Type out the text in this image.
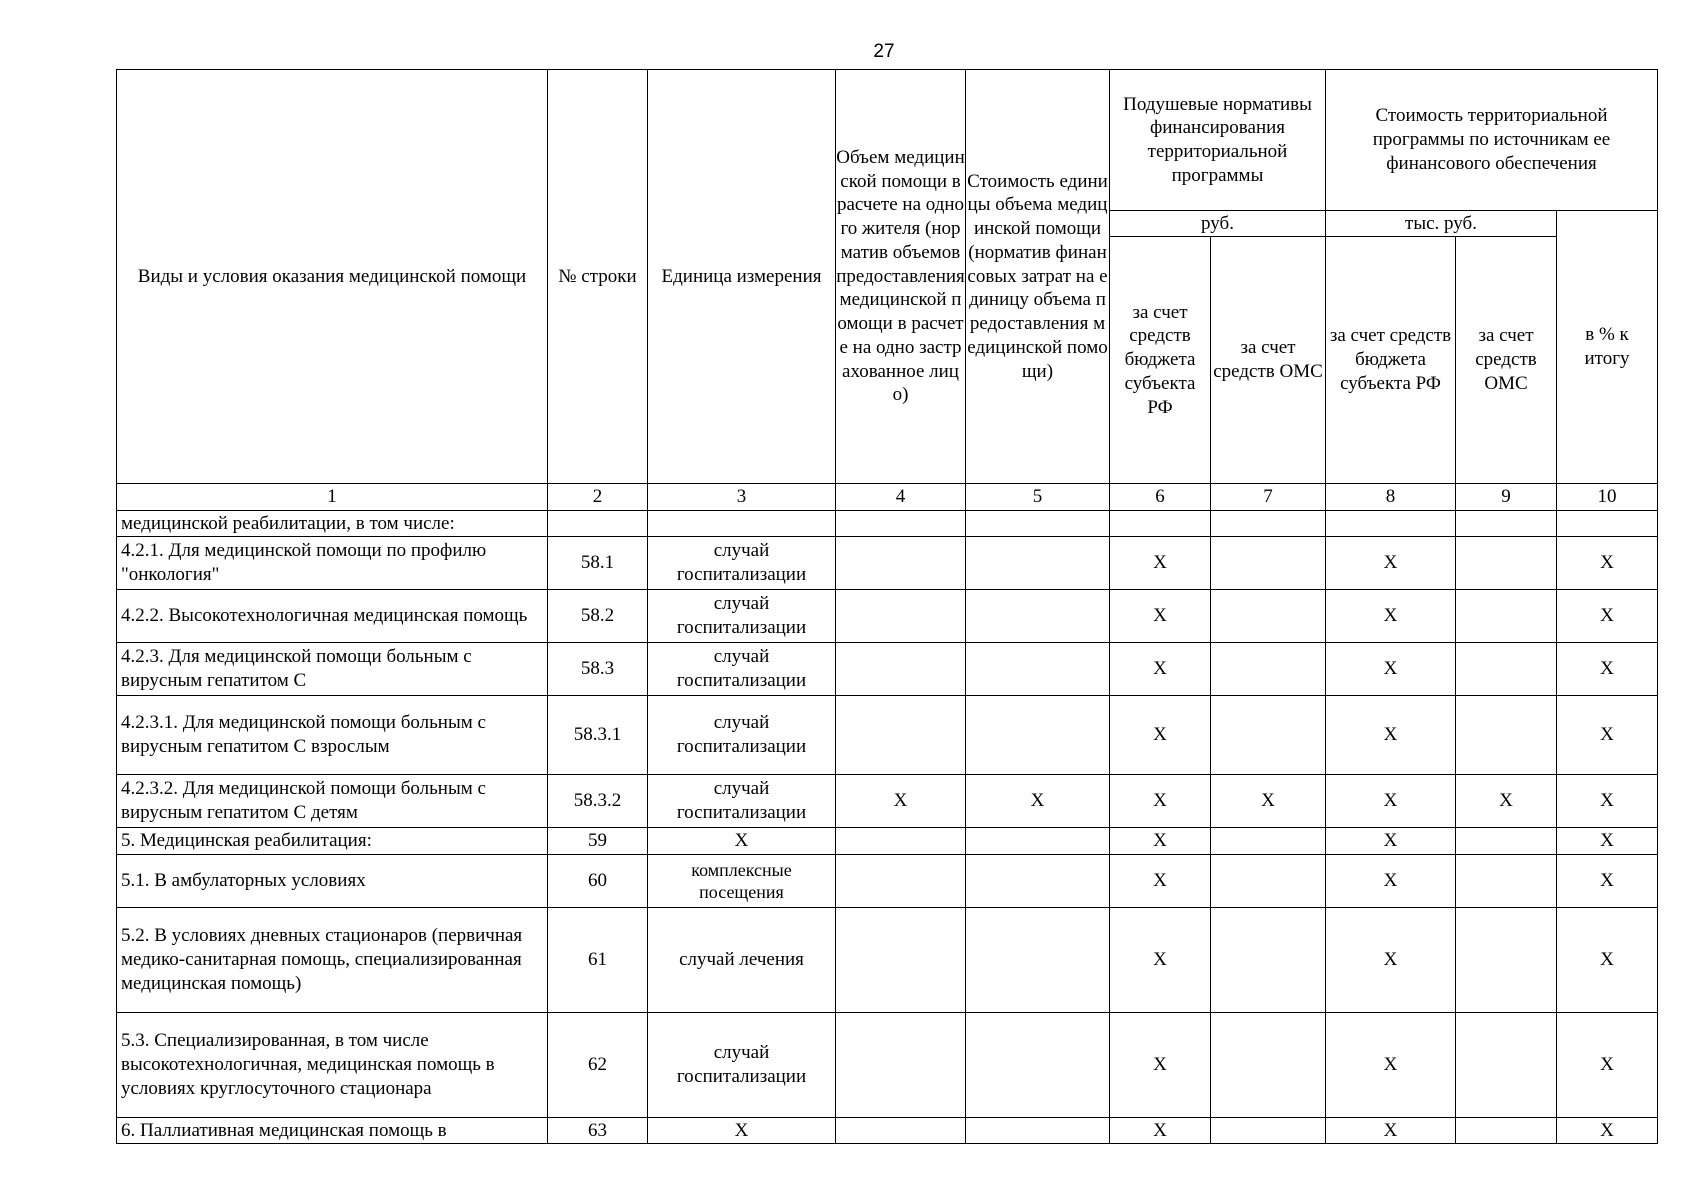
27
Виды и условия оказания медицинской помощи	№ строки	Единица измерения	Объем медицинской помощи в расчете на одного жителя (норматив объемов предоставления медицинской помощи в расчете на одно застрахованное лицо)	Стоимость единицы объема медицинской помощи (норматив финансовых затрат на единицу объема предоставления медицинской помощи)	Подушевые нормативы финансирования территориальной программы		Стоимость территориальной программы по источникам ее финансового обеспечения		
					руб.		тыс. руб.		в % к итогу
					за счет средств бюджета субъекта РФ	за счет средств ОМС	за счет средств бюджета субъекта РФ	за счет средств ОМС	
1	2	3	4	5	6	7	8	9	10
медицинской реабилитации, в том числе:									
4.2.1. Для медицинской помощи по профилю "онкология"	58.1	случай госпитализации			X		X		X
4.2.2. Высокотехнологичная медицинская помощь	58.2	случай госпитализации			X		X		X
4.2.3. Для медицинской помощи больным с вирусным гепатитом С	58.3	случай госпитализации			X		X		X
4.2.3.1. Для медицинской помощи больным с вирусным гепатитом С взрослым	58.3.1	случай госпитализации			X		X		X
4.2.3.2. Для медицинской помощи больным с вирусным гепатитом С детям	58.3.2	случай госпитализации	X	X	X	X	X	X	X
5. Медицинская реабилитация:	59	X			X		X		X
5.1. В амбулаторных условиях	60	комплексные посещения			X		X		X
5.2. В условиях дневных стационаров (первичная медико-санитарная помощь, специализированная медицинская помощь)	61	случай лечения			X		X		X
5.3. Специализированная, в том числе высокотехнологичная, медицинская помощь в условиях круглосуточного стационара	62	случай госпитализации			X		X		X
6. Паллиативная медицинская помощь в	63	X			X		X		X
